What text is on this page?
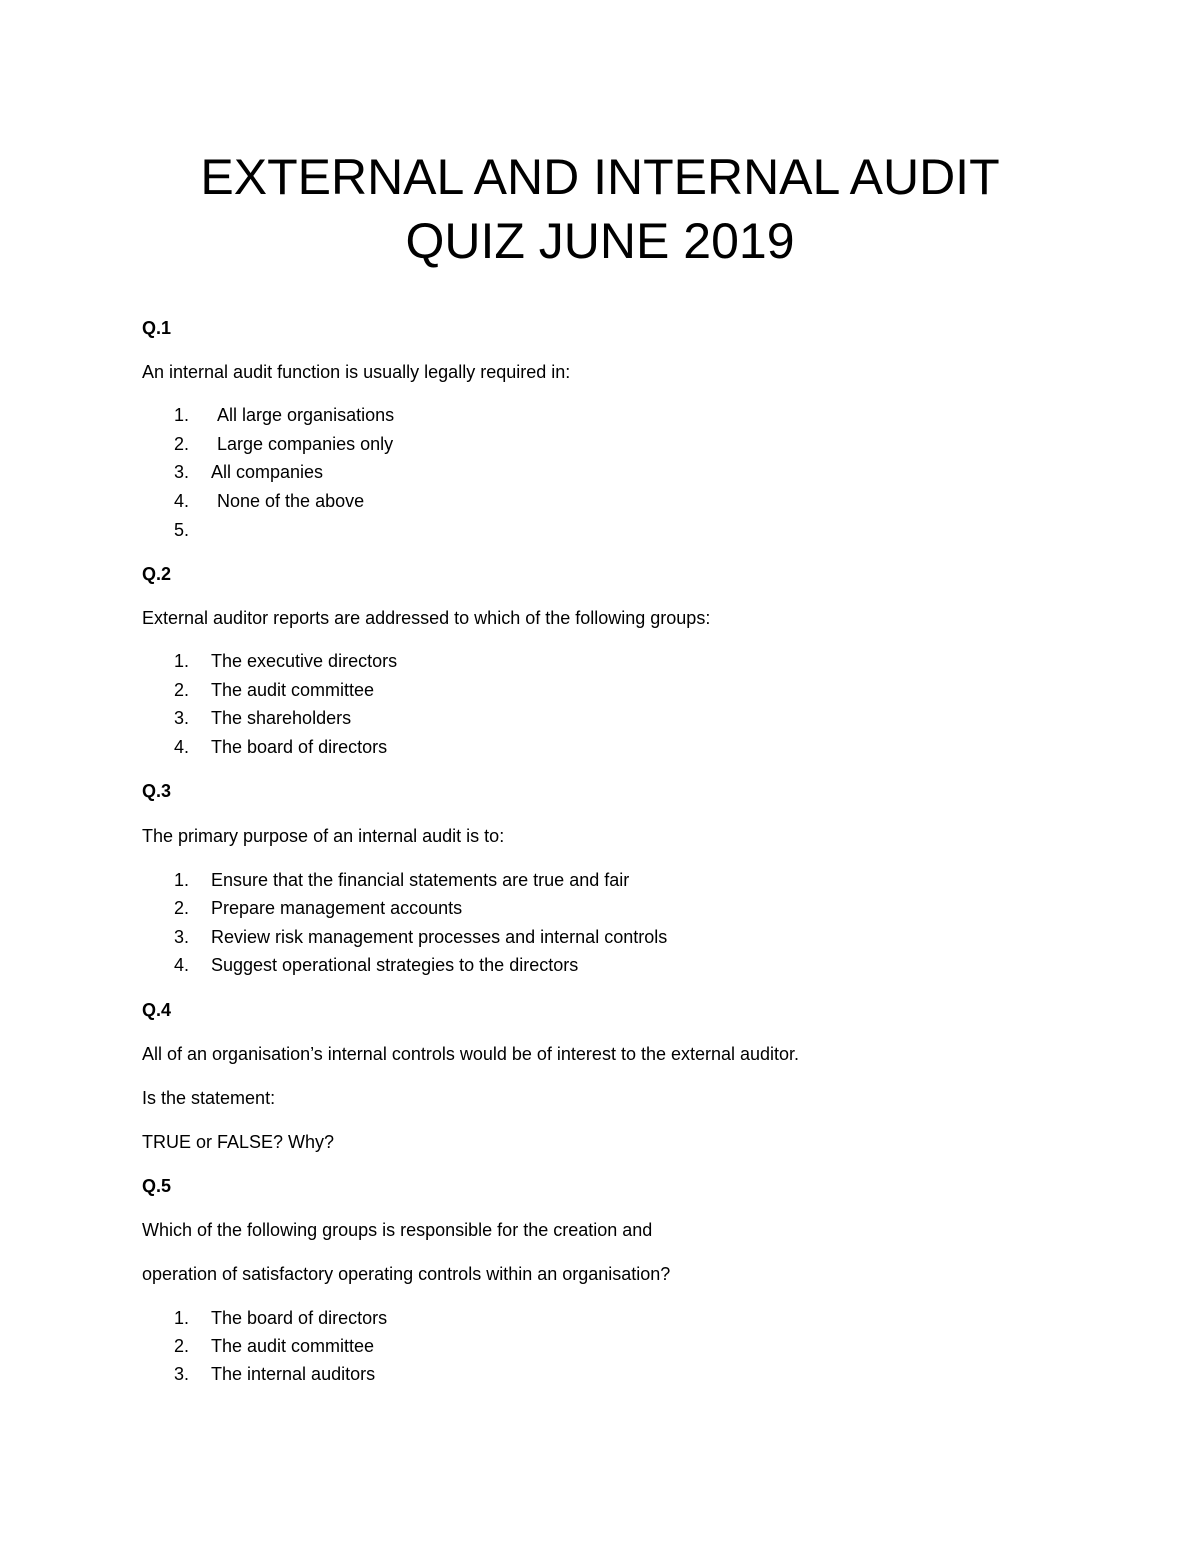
EXTERNAL AND INTERNAL AUDIT
QUIZ JUNE 2019
Q.1
An internal audit function is usually legally required in:
1. All large organisations
2. Large companies only
3. All companies
4. None of the above
5.
Q.2
External auditor reports are addressed to which of the following groups:
1. The executive directors
2. The audit committee
3. The shareholders
4. The board of directors
Q.3
The primary purpose of an internal audit is to:
1. Ensure that the financial statements are true and fair
2. Prepare management accounts
3. Review risk management processes and internal controls
4. Suggest operational strategies to the directors
Q.4
All of an organisation’s internal controls would be of interest to the external auditor.
Is the statement:
TRUE or FALSE? Why?
Q.5
Which of the following groups is responsible for the creation and
operation of satisfactory operating controls within an organisation?
1. The board of directors
2. The audit committee
3. The internal auditors
